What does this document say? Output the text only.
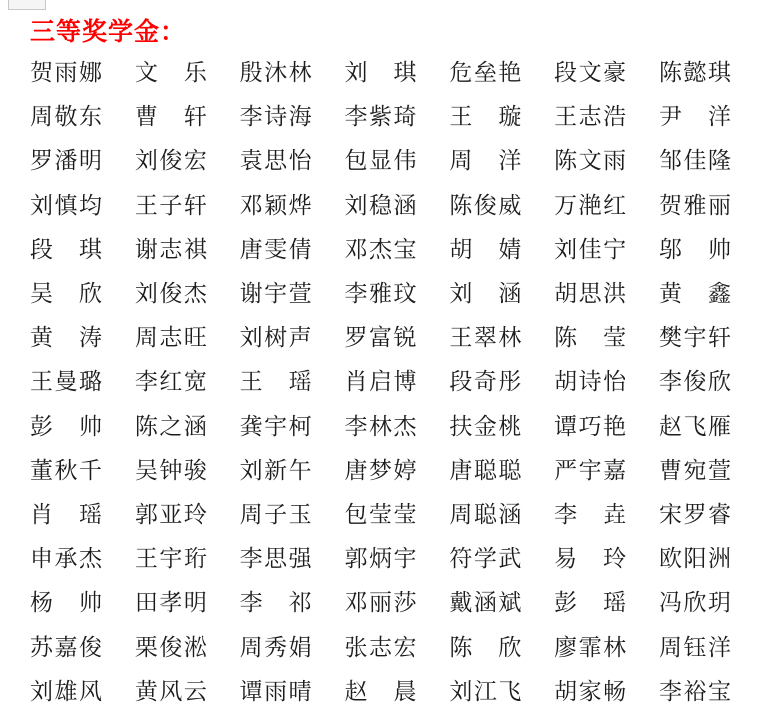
三等奖学金：
贺雨娜 文　乐 殷沐林 刘　琪 危垒艳 段文豪 陈懿琪
周敬东 曹　轩 李诗海 李紫琦 王　璇 王志浩 尹　洋
罗潘明 刘俊宏 袁思怡 包显伟 周　洋 陈文雨 邹佳隆
刘慎均 王子轩 邓颖烨 刘稳涵 陈俊威 万滟红 贺雅丽
段　琪 谢志祺 唐雯倩 邓杰宝 胡　婧 刘佳宁 邬　帅
吴　欣 刘俊杰 谢宇萱 李雅玟 刘　涵 胡思洪 黄　鑫
黄　涛 周志旺 刘树声 罗富锐 王翠林 陈　莹 樊宇轩
王曼璐 李红宽 王　瑶 肖启博 段奇彤 胡诗怡 李俊欣
彭　帅 陈之涵 龚宇柯 李林杰 扶金桃 谭巧艳 赵飞雁
董秋千 吴钟骏 刘新午 唐梦婷 唐聪聪 严宇嘉 曹宛萱
肖　瑶 郭亚玲 周子玉 包莹莹 周聪涵 李　垚 宋罗睿
申承杰 王宇珩 李思强 郭炳宇 符学武 易　玲 欧阳洲
杨　帅 田孝明 李　祁 邓丽莎 戴涵斌 彭　瑶 冯欣玥
苏嘉俊 栗俊淞 周秀娟 张志宏 陈　欣 廖霏林 周钰洋
刘雄风 黄风云 谭雨晴 赵　晨 刘江飞 胡家畅 李裕宝
